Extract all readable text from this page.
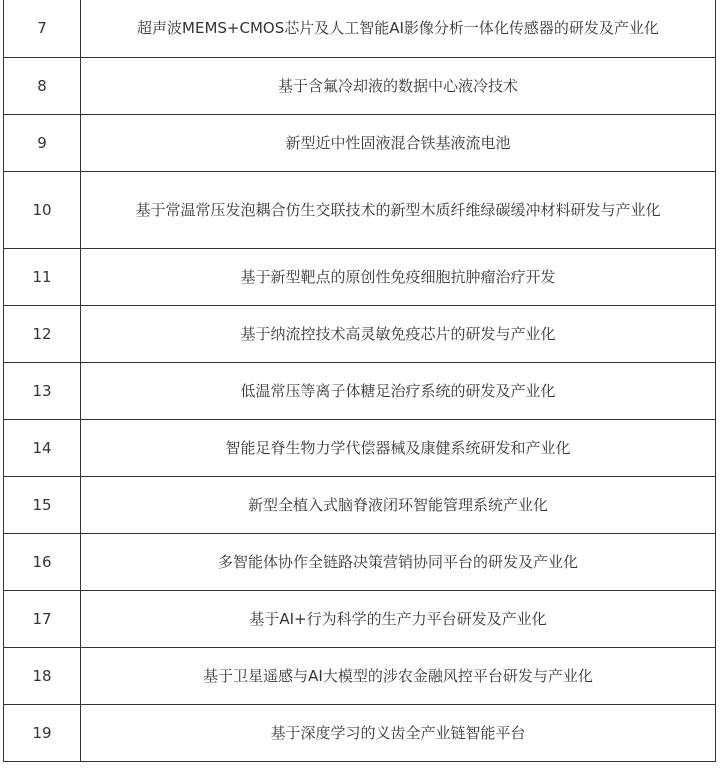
7	超声波MEMS+CMOS芯片及人工智能AI影像分析一体化传感器的研发及产业化
8	基于含氟冷却液的数据中心液冷技术
9	新型近中性固液混合铁基液流电池
10	基于常温常压发泡耦合仿生交联技术的新型木质纤维绿碳缓冲材料研发与产业化
11	基于新型靶点的原创性免疫细胞抗肿瘤治疗开发
12	基于纳流控技术高灵敏免疫芯片的研发与产业化
13	低温常压等离子体糖足治疗系统的研发及产业化
14	智能足脊生物力学代偿器械及康健系统研发和产业化
15	新型全植入式脑脊液闭环智能管理系统产业化
16	多智能体协作全链路决策营销协同平台的研发及产业化
17	基于AI+行为科学的生产力平台研发及产业化
18	基于卫星遥感与AI大模型的涉农金融风控平台研发与产业化
19	基于深度学习的义齿全产业链智能平台
